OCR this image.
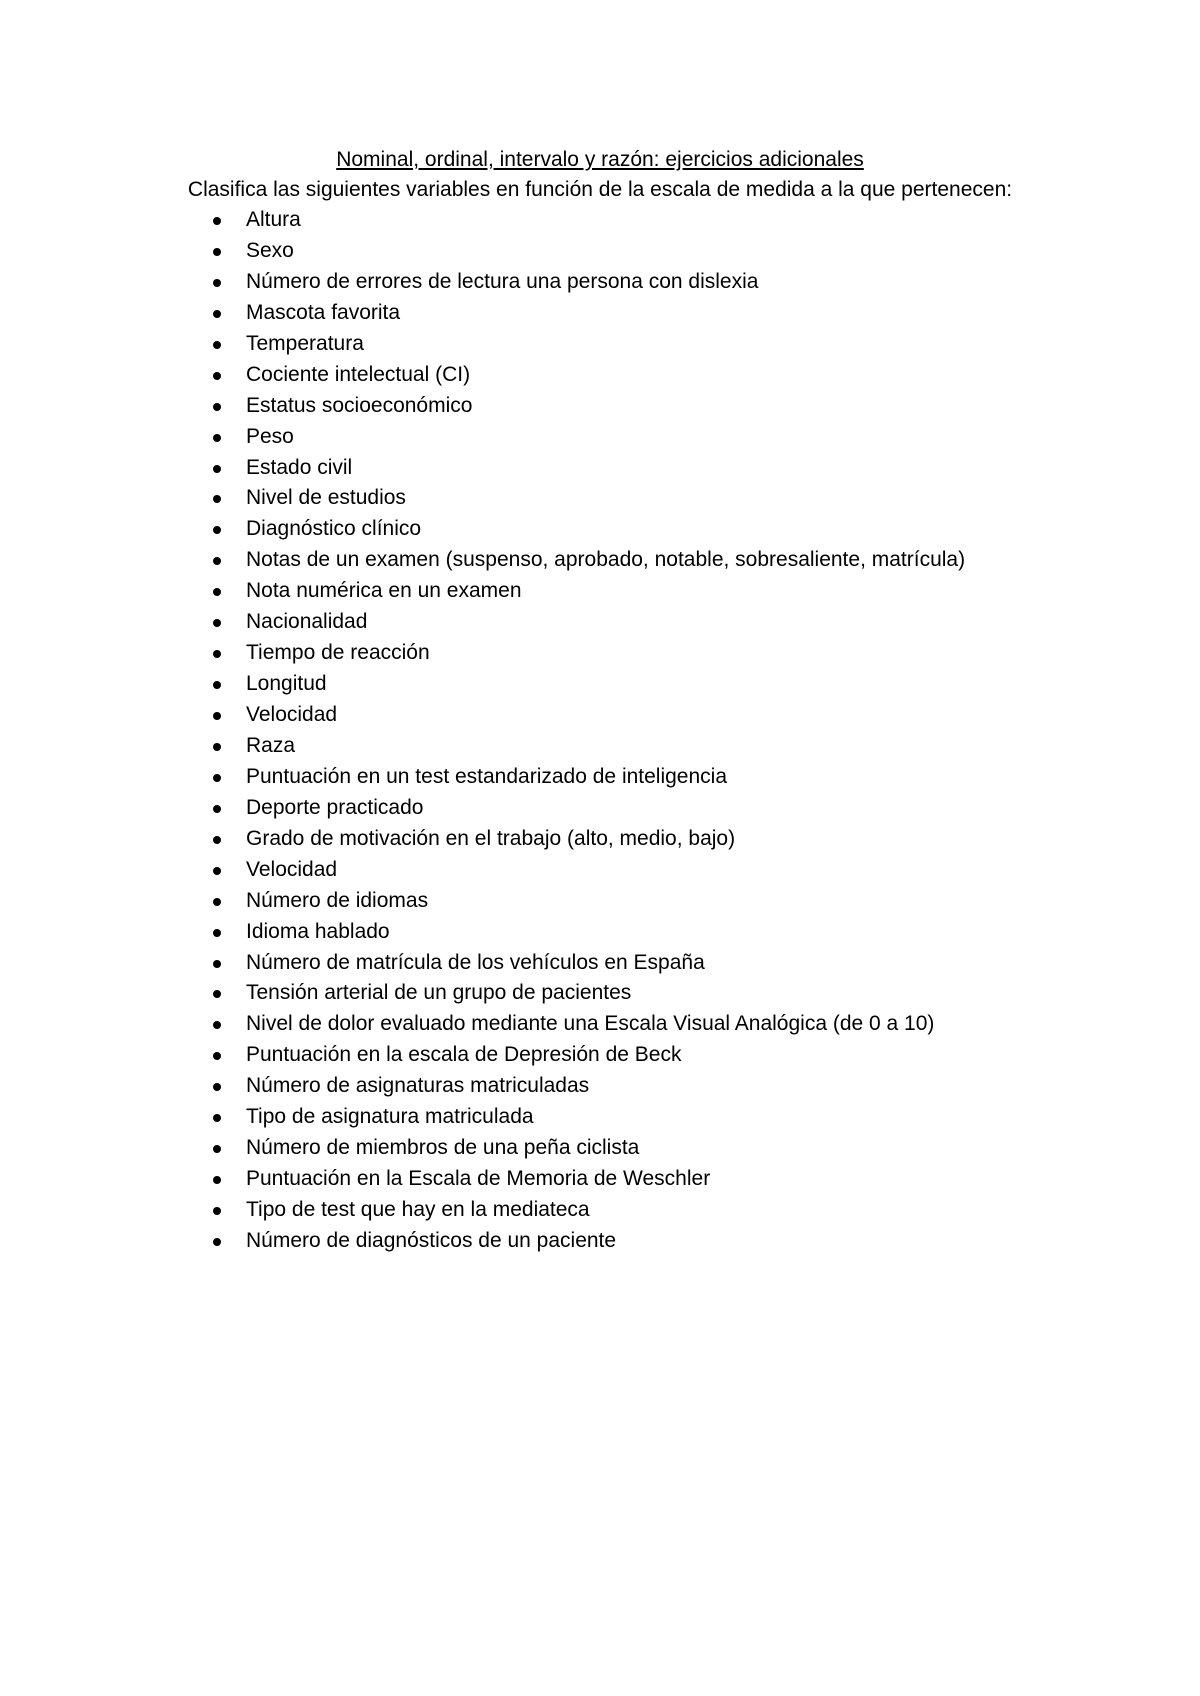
Nominal, ordinal, intervalo y razón: ejercicios adicionales
Clasifica las siguientes variables en función de la escala de medida a la que pertenecen:
Altura
Sexo
Número de errores de lectura una persona con dislexia
Mascota favorita
Temperatura
Cociente intelectual (CI)
Estatus socioeconómico
Peso
Estado civil
Nivel de estudios
Diagnóstico clínico
Notas de un examen (suspenso, aprobado, notable, sobresaliente, matrícula)
Nota numérica en un examen
Nacionalidad
Tiempo de reacción
Longitud
Velocidad
Raza
Puntuación en un test estandarizado de inteligencia
Deporte practicado
Grado de motivación en el trabajo (alto, medio, bajo)
Velocidad
Número de idiomas
Idioma hablado
Número de matrícula de los vehículos en España
Tensión arterial de un grupo de pacientes
Nivel de dolor evaluado mediante una Escala Visual Analógica (de 0 a 10)
Puntuación en la escala de Depresión de Beck
Número de asignaturas matriculadas
Tipo de asignatura matriculada
Número de miembros de una peña ciclista
Puntuación en la Escala de Memoria de Weschler
Tipo de test que hay en la mediateca
Número de diagnósticos de un paciente
